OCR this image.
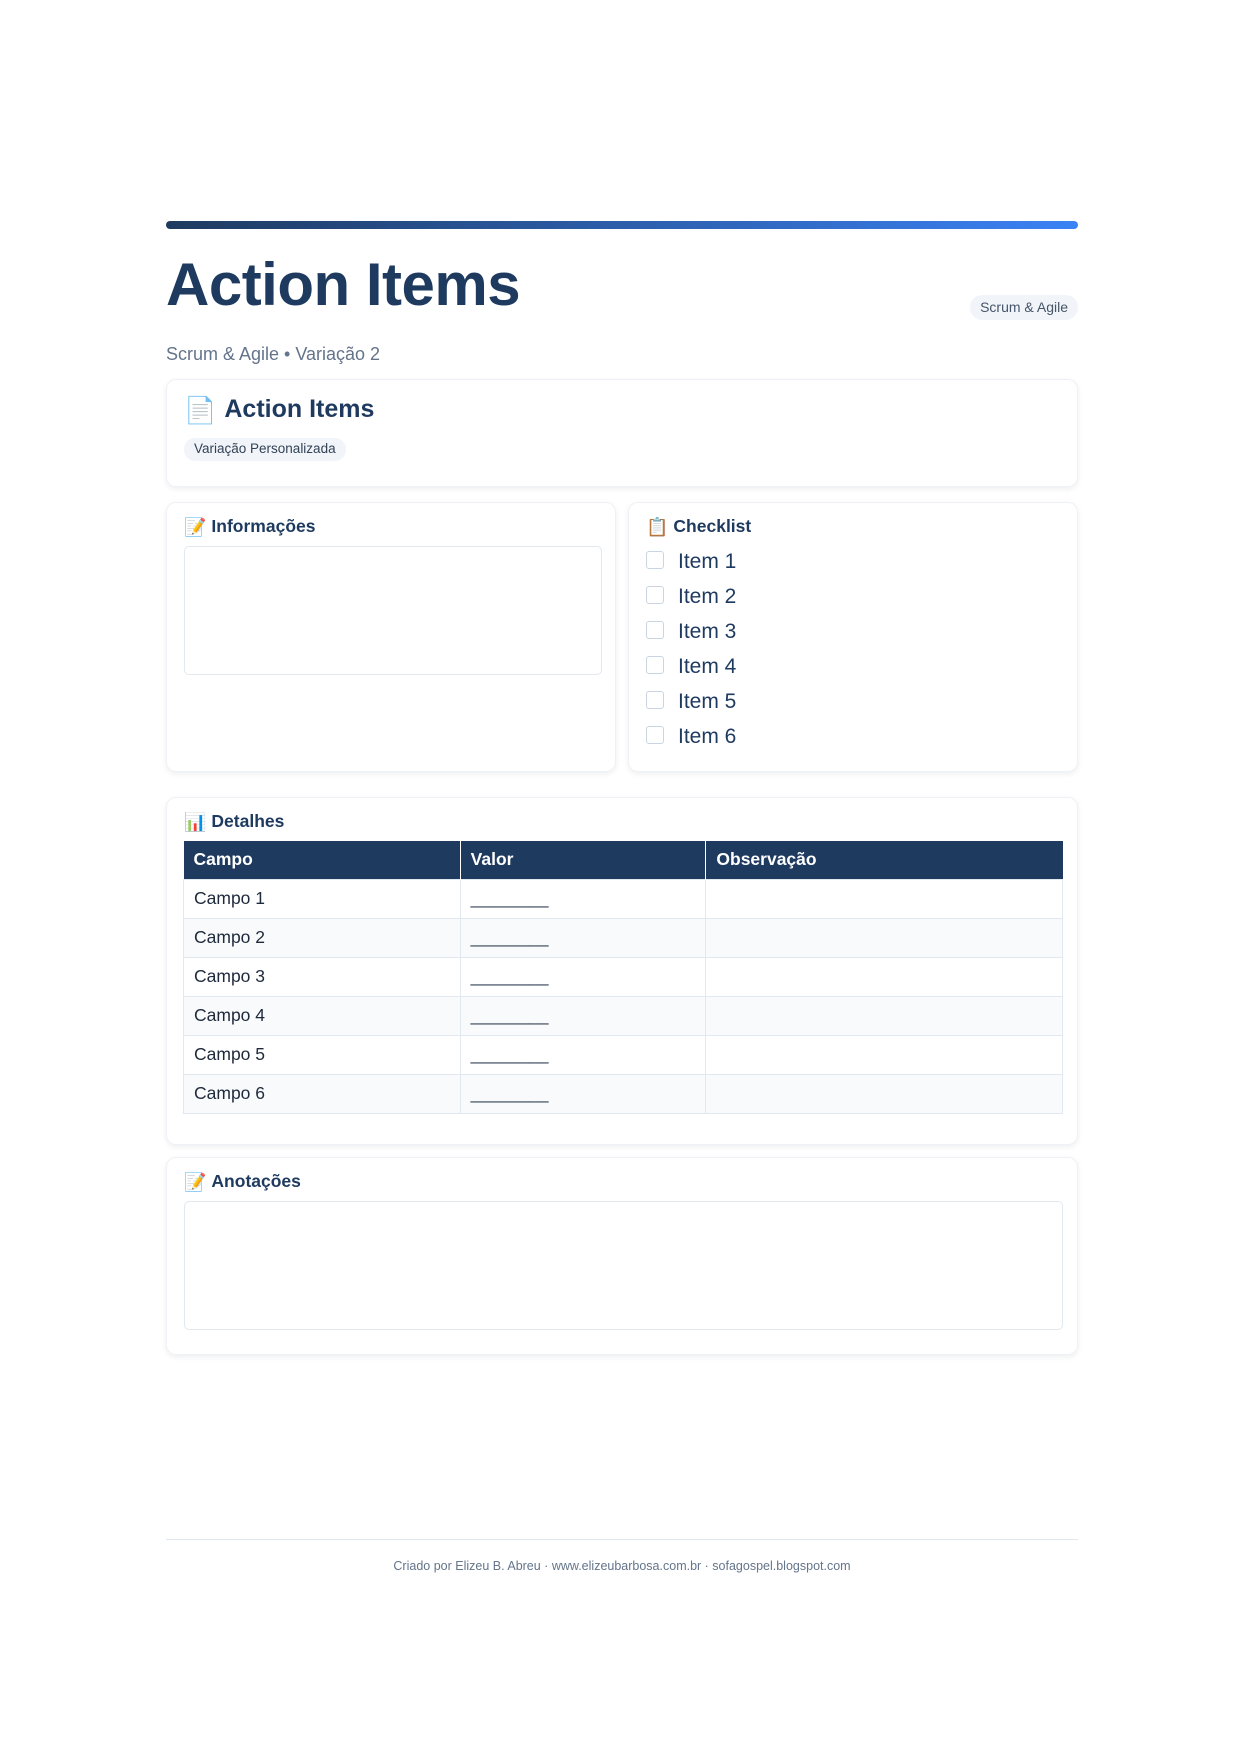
Action Items
Scrum & Agile • Variação 2
Scrum & Agile
📄 Action Items
Variação Personalizada
📝 Informações	📋 Checklist
Item 1
Item 2
Item 3
Item 4
Item 5
Item 6
📊 Detalhes
Campo	Valor	Observação
Campo 1	________	
Campo 2	________	
Campo 3	________	
Campo 4	________	
Campo 5	________	
Campo 6	________	
📝 Anotações
Criado por Elizeu B. Abreu · www.elizeubarbosa.com.br · sofagospel.blogspot.com
